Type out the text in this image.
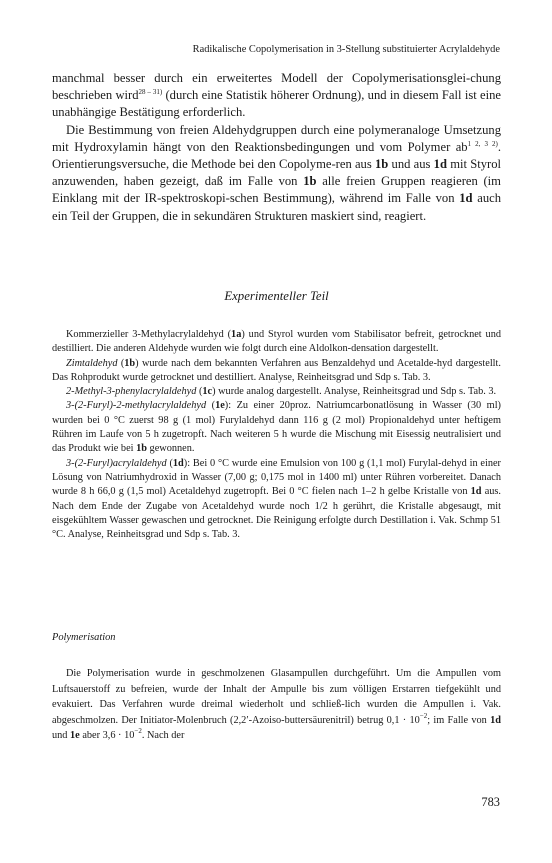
Radikalische Copolymerisation in 3-Stellung substituierter Acrylaldehyde

manchmal besser durch ein erweitertes Modell der Copolymerisationsglei-chung beschrieben wird$^{28 - 31)}$ (durch eine Statistik höherer Ordnung), und in diesem Fall ist eine unabhängige Bestätigung erforderlich.

Die Bestimmung von freien Aldehydgruppen durch eine polymeranaloge Umsetzung mit Hydroxylamin hängt von den Reaktionsbedingungen und vom Polymer $ab^{1 2, 3 2)}$. Orientierungsversuche, die Methode bei den Copolyme-ren aus 1b und aus 1d mit Styrol anzuwenden, haben gezeigt, daß im Falle von 1b alle freien Gruppen reagieren (im Einklang mit der IR-spektroskopi-schen Bestimmung), während im Falle von 1d auch ein Teil der Gruppen, die in sekundären Strukturen maskiert sind, reagiert.

Experimenteller Teil

Kommerzieller 3-Methylacrylaldehyd (1a) und Styrol wurden vom Stabilisator befreit, getrocknet und destilliert. Die anderen Aldehyde wurden wie folgt durch eine Aldolkon-densation dargestellt.

Zimtaldehyd (1b) wurde nach dem bekannten Verfahren aus Benzaldehyd und Acetalde-hyd dargestellt. Das Rohprodukt wurde getrocknet und destilliert. Analyse, Reinheitsgrad und Sdp s. Tab. 3.

2-Methyl-3-phenylacrylaldehyd (1c) wurde analog dargestellt. Analyse, Reinheitsgrad und Sdp s. Tab. 3.

3-(2-Furyl)-2-methylacrylaldehyd (1e): Zu einer 20proz. Natriumcarbonatlösung in Wasser (30 ml) wurden bei 0 °C zuerst 98 g (1 mol) Furylaldehyd dann 116 g (2 mol) Propionaldehyd unter heftigem Rühren im Laufe von 5 h zugetropft. Nach weiteren 5 h wurde die Mischung mit Eisessig neutralisiert und das Produkt wie bei 1b gewonnen.

3-(2-Furyl)acrylaldehyd (1d): Bei 0 °C wurde eine Emulsion von 100 g (1,1 mol) Furylal-dehyd in einer Lösung von Natriumhydroxid in Wasser (7,00 g; 0,175 mol in 1400 ml) unter Rühren vorbereitet. Danach wurde 8 h 66,0 g (1,5 mol) Acetaldehyd zugetropft. Bei 0 °C fielen nach 1–2 h gelbe Kristalle von 1d aus. Nach dem Ende der Zugabe von Acetaldehyd wurde noch 1/2 h gerührt, die Kristalle abgesaugt, mit eisgekühltem Wasser gewaschen und getrocknet. Die Reinigung erfolgte durch Destillation i. Vak. Schmp 51 °C. Analyse, Reinheitsgrad und Sdp s. Tab. 3.

Polymerisation

Die Polymerisation wurde in geschmolzenen Glasampullen durchgeführt. Um die Ampullen vom Luftsauerstoff zu befreien, wurde der Inhalt der Ampulle bis zum völligen Erstarren tiefgekühlt und evakuiert. Das Verfahren wurde dreimal wiederholt und schließ-lich wurden die Ampullen i. Vak. abgeschmolzen. Der Initiator-Molenbruch (2,2′-Azoiso-buttersäurenitril) betrug $0,1 \cdot 10^{-2}$; im Falle von 1d und 1e aber $3,6 \cdot 10^{-2}$. Nach der

783
